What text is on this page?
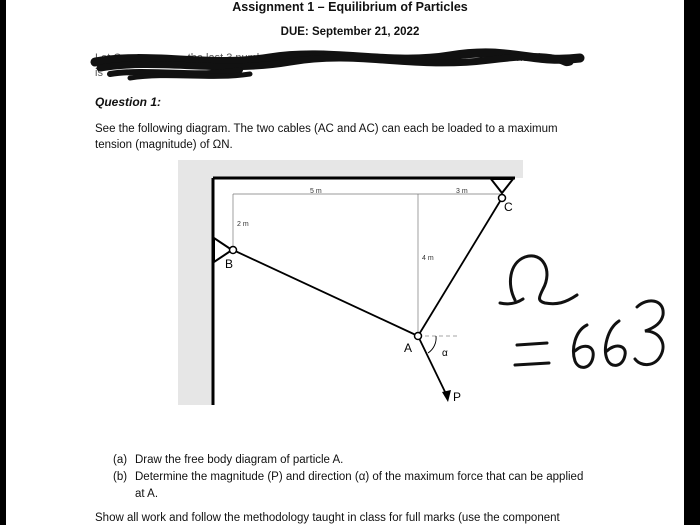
Assignment 1 – Equilibrium of Particles
DUE: September 21, 2022
Let Ω	the last 3 numbers	nt number
is
Question 1:
See the following diagram. The two cables (AC and AC) can each be loaded to a maximum tension (magnitude) of ΩN.
5 m	3 m
2 m
4 m
B
C
A	α
P
(a) Draw the free body diagram of particle A.
(b) Determine the magnitude (P) and direction (α) of the maximum force that can be applied at A.
Show all work and follow the methodology taught in class for full marks (use the component
